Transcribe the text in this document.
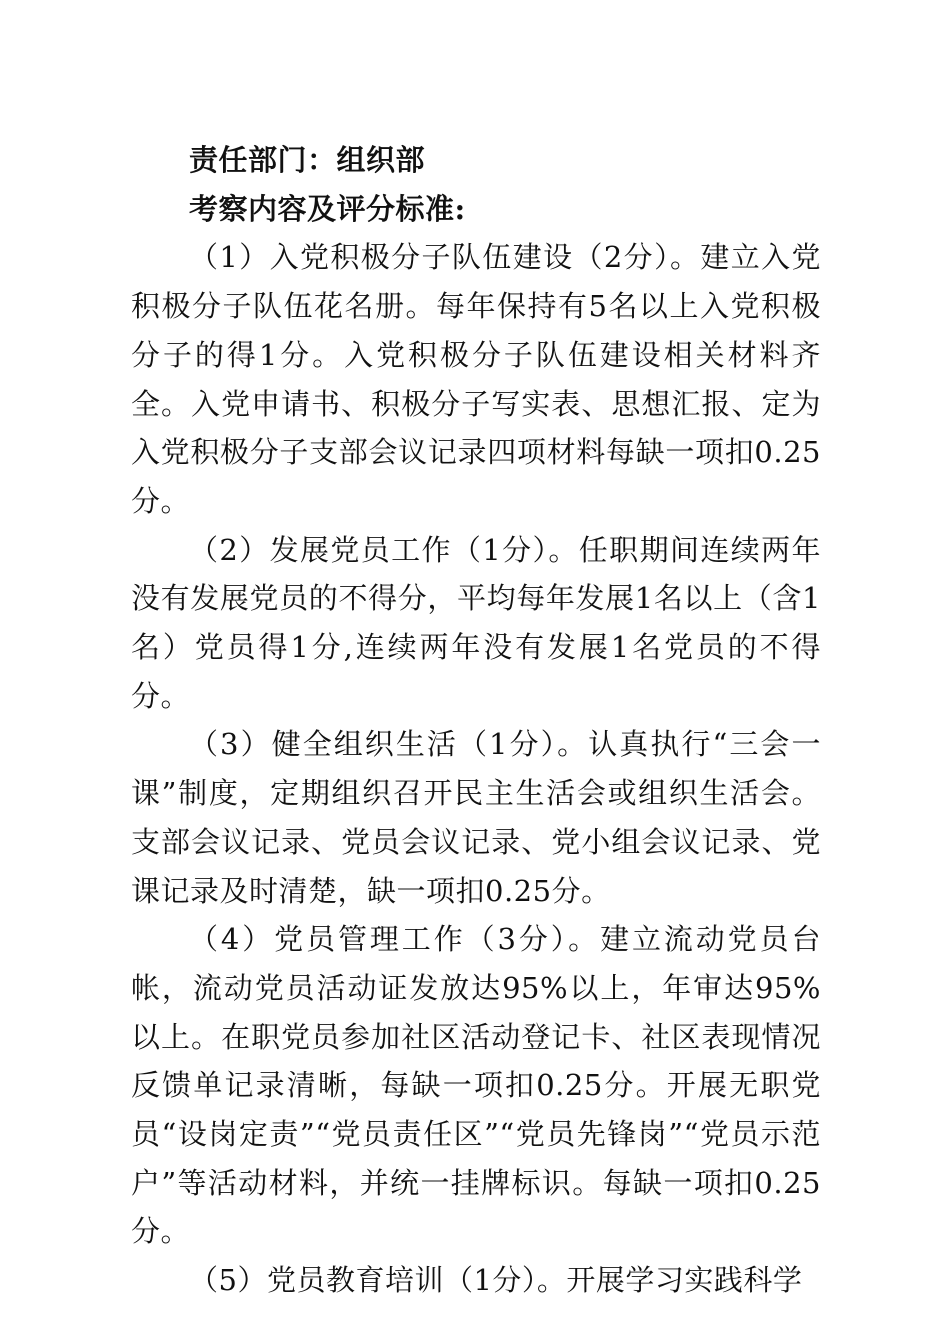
责任部门：组织部

考察内容及评分标准:

（1）入党积极分子队伍建设（2分）。建立入党积极分子队伍花名册。每年保持有5名以上入党积极分子的得1分。入党积极分子队伍建设相关材料齐全。入党申请书、积极分子写实表、思想汇报、定为入党积极分子支部会议记录四项材料每缺一项扣0.25分。

（2）发展党员工作（1分）。任职期间连续两年没有发展党员的不得分，平均每年发展1名以上（含1名）党员得1分,连续两年没有发展1名党员的不得分。

（3）健全组织生活（1分）。认真执行“三会一课”制度，定期组织召开民主生活会或组织生活会。支部会议记录、党员会议记录、党小组会议记录、党课记录及时清楚，缺一项扣0.25分。

（4）党员管理工作（3分）。建立流动党员台帐，流动党员活动证发放达95%以上，年审达95%以上。在职党员参加社区活动登记卡、社区表现情况反馈单记录清晰，每缺一项扣0.25分。开展无职党员“设岗定责”“党员责任区”“党员先锋岗”“党员示范户”等活动材料，并统一挂牌标识。每缺一项扣0.25分。

（5）党员教育培训（1分）。开展学习实践科学
